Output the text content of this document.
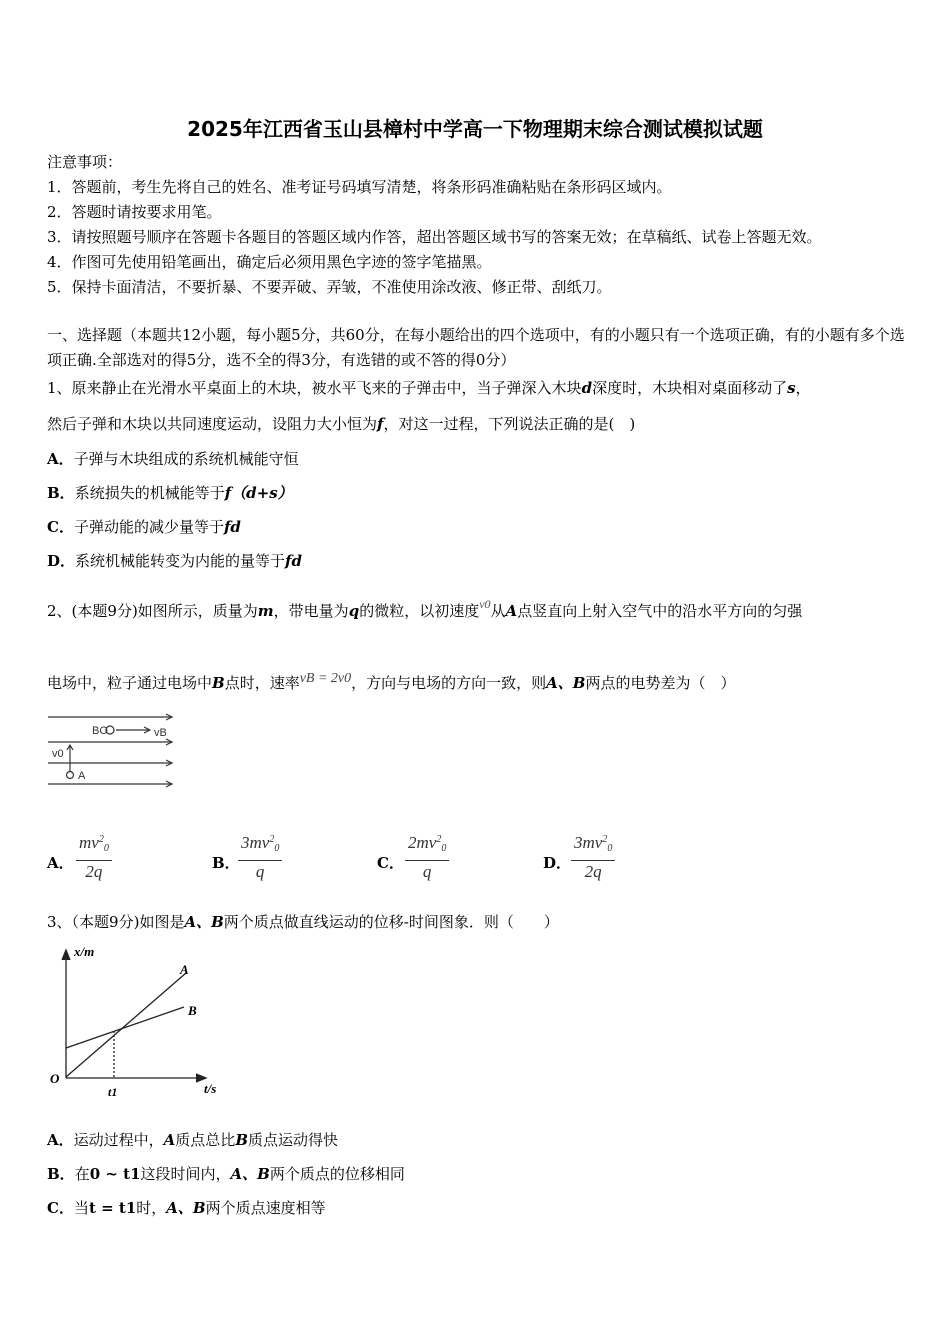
2025年江西省玉山县樟村中学高一下物理期末综合测试模拟试题
注意事项：
1．答题前，考生先将自己的姓名、准考证号码填写清楚，将条形码准确粘贴在条形码区域内。
2．答题时请按要求用笔。
3．请按照题号顺序在答题卡各题目的答题区域内作答，超出答题区域书写的答案无效；在草稿纸、试卷上答题无效。
4．作图可先使用铅笔画出，确定后必须用黑色字迹的签字笔描黑。
5．保持卡面清洁，不要折暴、不要弄破、弄皱，不准使用涂改液、修正带、刮纸刀。
一、选择题（本题共12小题，每小题5分，共60分，在每小题给出的四个选项中，有的小题只有一个选项正确，有的小题有多个选项正确.全部选对的得5分，选不全的得3分，有选错的或不答的得0分）
1、原来静止在光滑水平桌面上的木块，被水平飞来的子弹击中，当子弹深入木块d深度时，木块相对桌面移动了s，
然后子弹和木块以共同速度运动，设阻力大小恒为f，对这一过程，下列说法正确的是(　)
A．子弹与木块组成的系统机械能守恒
B．系统损失的机械能等于f（d+s）
C．子弹动能的减少量等于fd
D．系统机械能转变为内能的量等于fd
2、(本题9分)如图所示，质量为m，带电量为q的微粒，以初速度$^{v0}$从A点竖直向上射入空气中的沿水平方向的匀强
电场中，粒子通过电场中B点时，速率vB = 2v0，方向与电场的方向一致，则A、B两点的电势差为（　）
BO	vB
v0
A
A． $\frac{mv^2_0}{2q}$	B．
$\frac{3mv^2_0}{q}$	C． $\frac{2mv^2_0}{q}$	D． $\frac{3mv^2_0}{2q}$
3、（本题9分)如图是A、B两个质点做直线运动的位移-时间图象．则（　　）
x/m
t/s
O
A
B
t1
A．运动过程中，A质点总比B质点运动得快
B．在0 ~ t1这段时间内，A、B两个质点的位移相同
C．当t = t1时，A、B两个质点速度相等
